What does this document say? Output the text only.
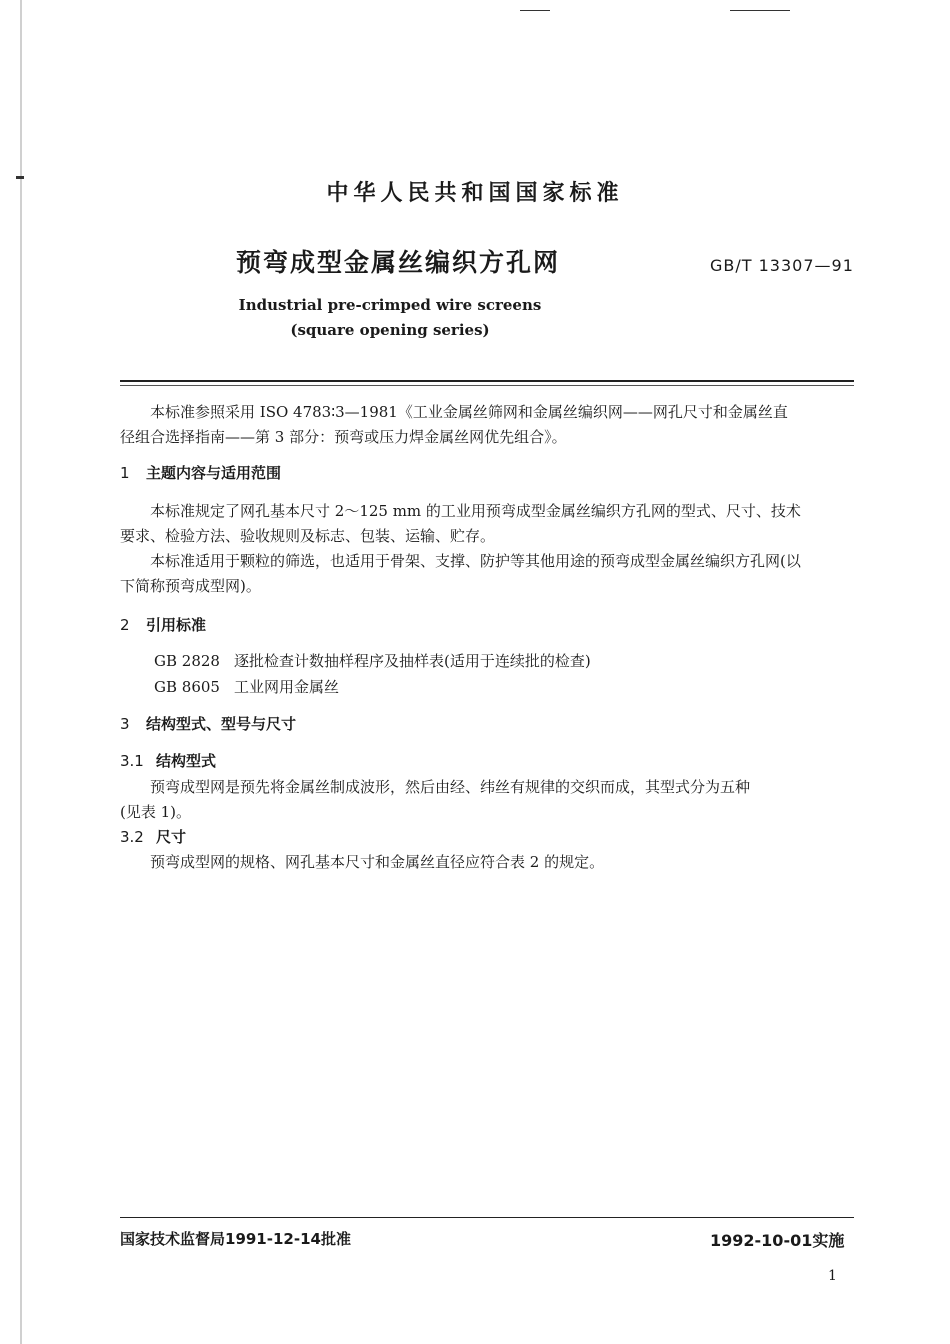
中华人民共和国国家标准
预弯成型金属丝编织方孔网	GB/T 13307—91
Industrial pre-crimped wire screens
(square opening series)
本标准参照采用 ISO 4783∶3—1981《工业金属丝筛网和金属丝编织网——网孔尺寸和金属丝直
径组合选择指南——第 3 部分：预弯或压力焊金属丝网优先组合》。
1 主题内容与适用范围
本标准规定了网孔基本尺寸 2～125 mm 的工业用预弯成型金属丝编织方孔网的型式、尺寸、技术
要求、检验方法、验收规则及标志、包装、运输、贮存。
本标准适用于颗粒的筛选，也适用于骨架、支撑、防护等其他用途的预弯成型金属丝编织方孔网(以
下简称预弯成型网)。
2 引用标准
GB 2828 逐批检查计数抽样程序及抽样表(适用于连续批的检查)
GB 8605 工业网用金属丝
3 结构型式、型号与尺寸
3.1 结构型式
预弯成型网是预先将金属丝制成波形，然后由经、纬丝有规律的交织而成，其型式分为五种
(见表 1)。
3.2 尺寸
预弯成型网的规格、网孔基本尺寸和金属丝直径应符合表 2 的规定。
国家技术监督局1991-12-14批准	1992-10-01实施
1
